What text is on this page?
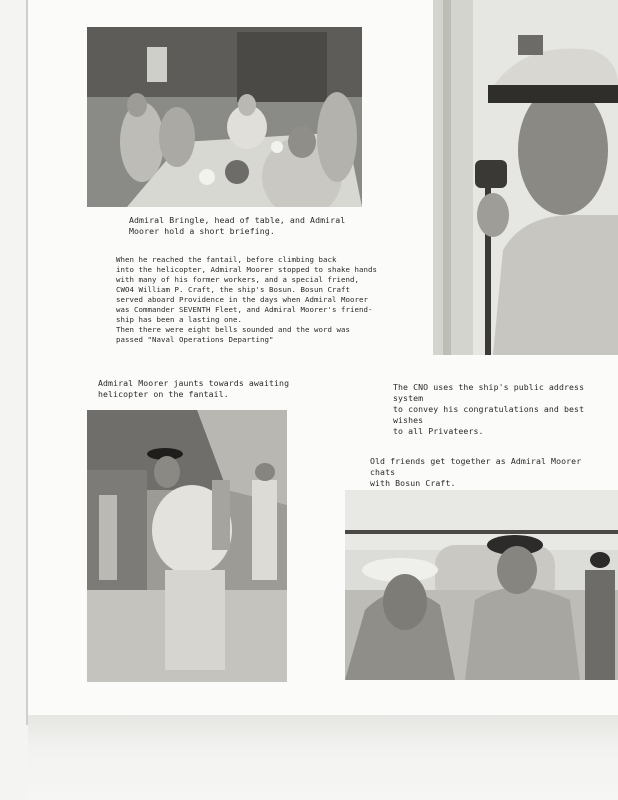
Admiral Bringle, head of table, and Admiral
Moorer hold a short briefing.
When he reached the fantail, before climbing back
into the helicopter, Admiral Moorer stopped to shake hands
with many of his former workers, and a special friend,
CWO4 William P. Craft, the ship's Bosun. Bosun Craft
served aboard Providence in the days when Admiral Moorer
was Commander SEVENTH Fleet, and Admiral Moorer's friend-
ship has been a lasting one.
Then there were eight bells sounded and the word was
passed "Naval Operations Departing"
Admiral Moorer jaunts towards awaiting
helicopter on the fantail.
The CNO uses the ship's public address system
to convey his congratulations and best wishes
to all Privateers.
Old friends get together as Admiral Moorer chats
with Bosun Craft.
